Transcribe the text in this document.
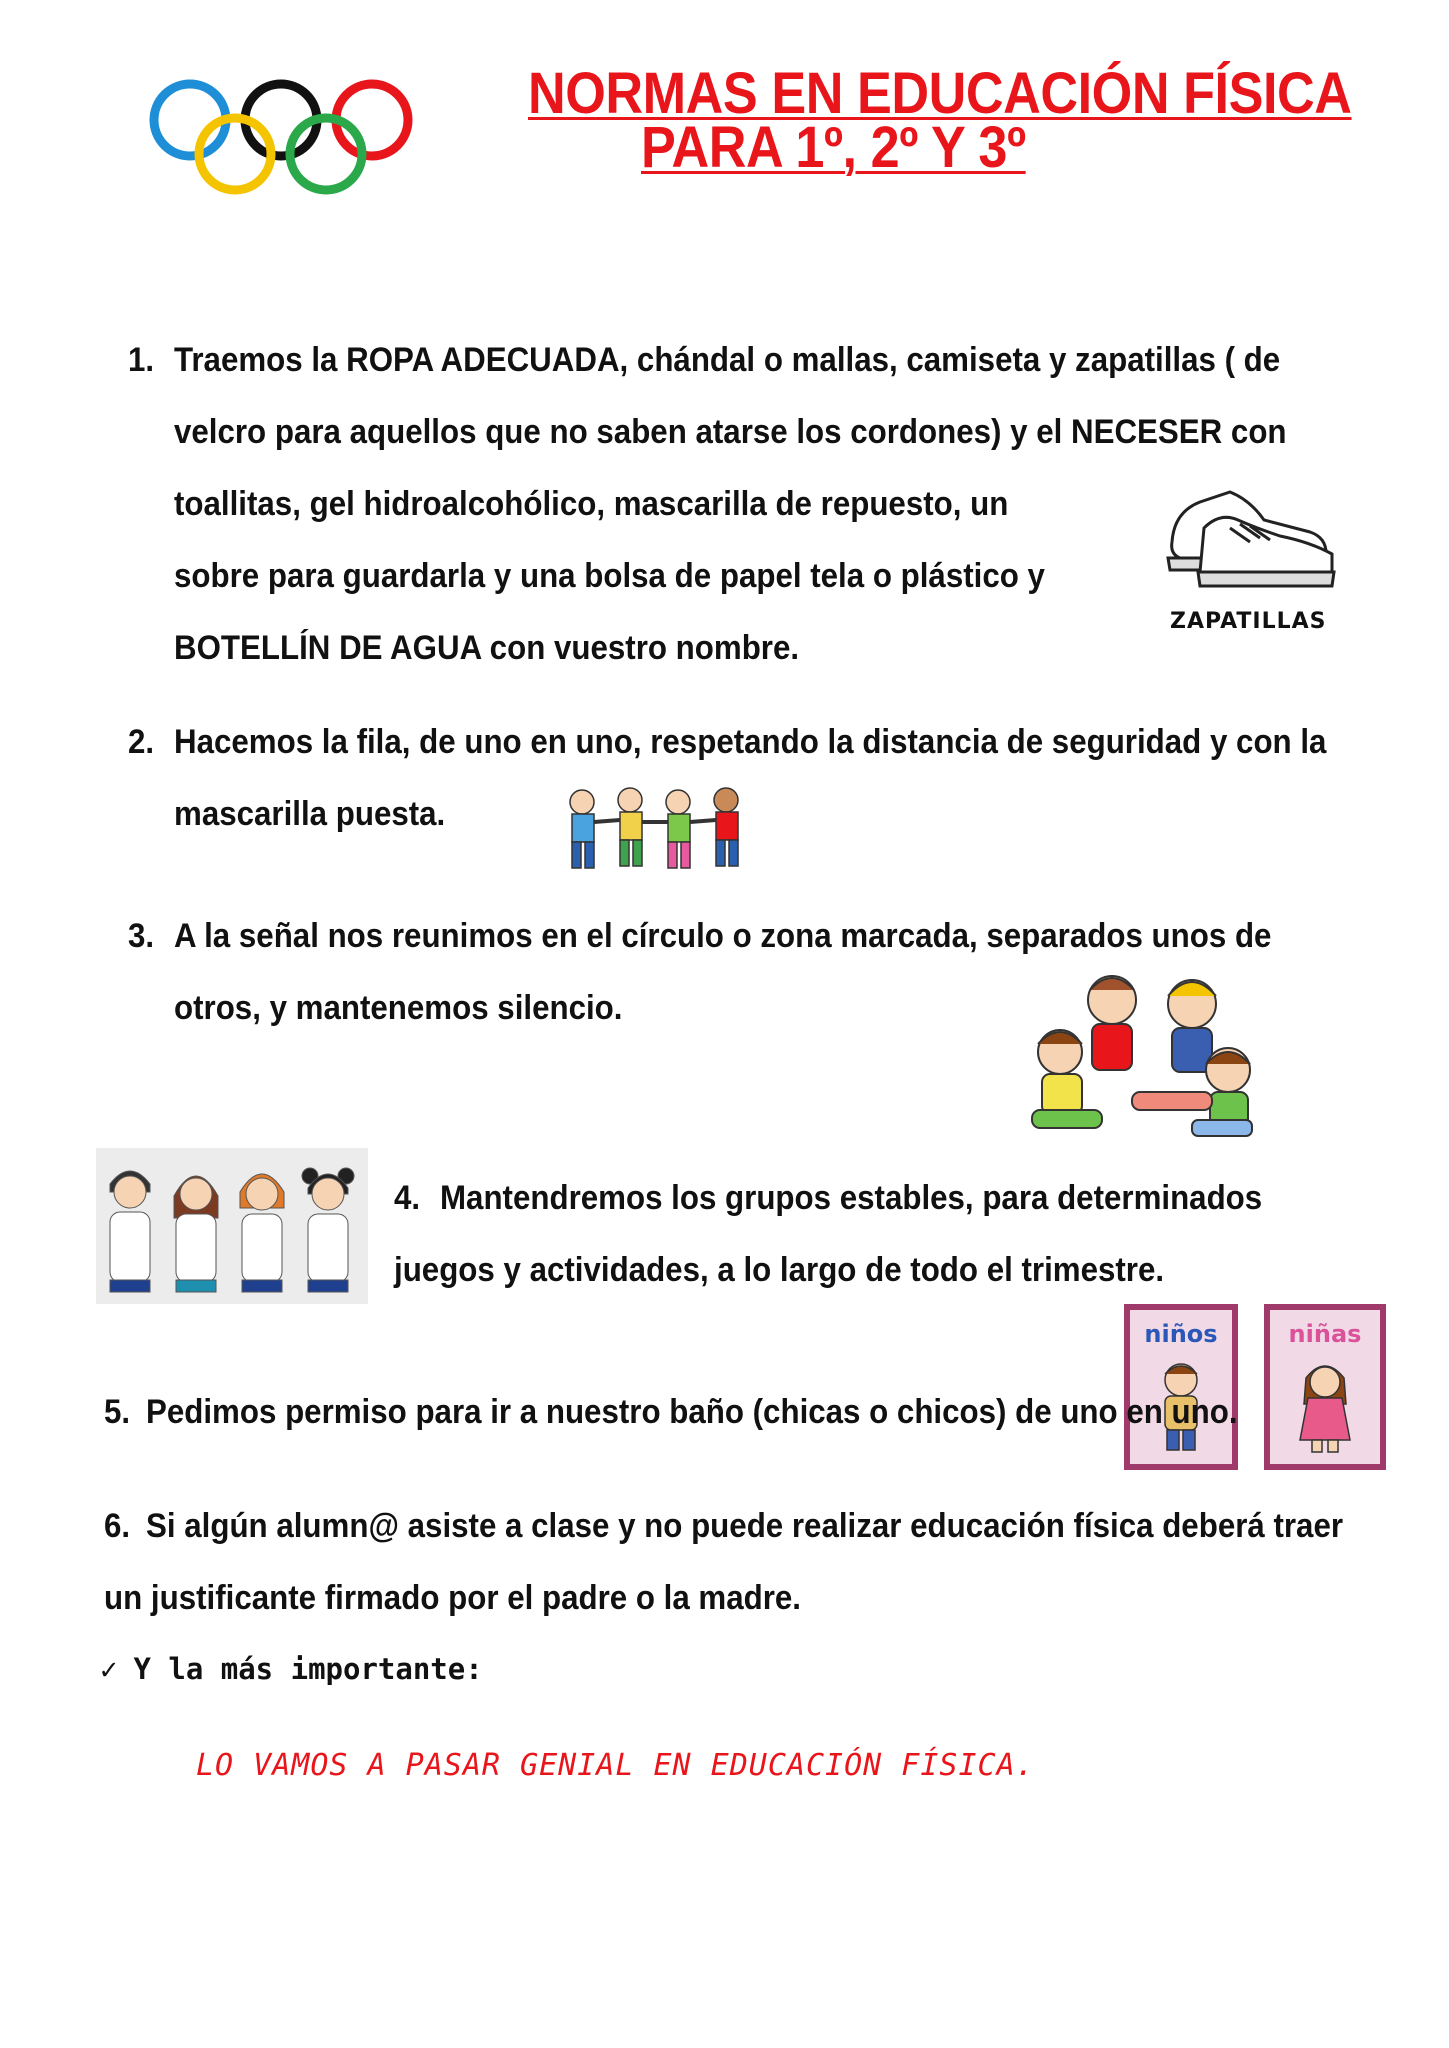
NORMAS EN EDUCACIÓN FÍSICA
PARA 1º, 2º Y 3º
1. Traemos la ROPA ADECUADA, chándal o mallas, camiseta y zapatillas ( de
velcro para aquellos que no saben atarse los cordones) y el NECESER con
toallitas, gel hidroalcohólico, mascarilla de repuesto, un
sobre para guardarla y una bolsa de papel tela o plástico y
BOTELLÍN DE AGUA con vuestro nombre.
ZAPATILLAS
2. Hacemos la fila, de uno en uno, respetando la distancia de seguridad y con la
mascarilla puesta.
3. A la señal nos reunimos en el círculo o zona marcada, separados unos de
otros, y mantenemos silencio.
4. Mantendremos los grupos estables, para determinados
juegos y actividades, a lo largo de todo el trimestre.
niños	niñas
5. Pedimos permiso para ir a nuestro baño (chicas o chicos) de uno en uno.
6. Si algún alumn@ asiste a clase y no puede realizar educación física deberá traer
un justificante firmado por el padre o la madre.
✓ Y la más importante:
LO VAMOS A PASAR GENIAL EN EDUCACIÓN FÍSICA.
